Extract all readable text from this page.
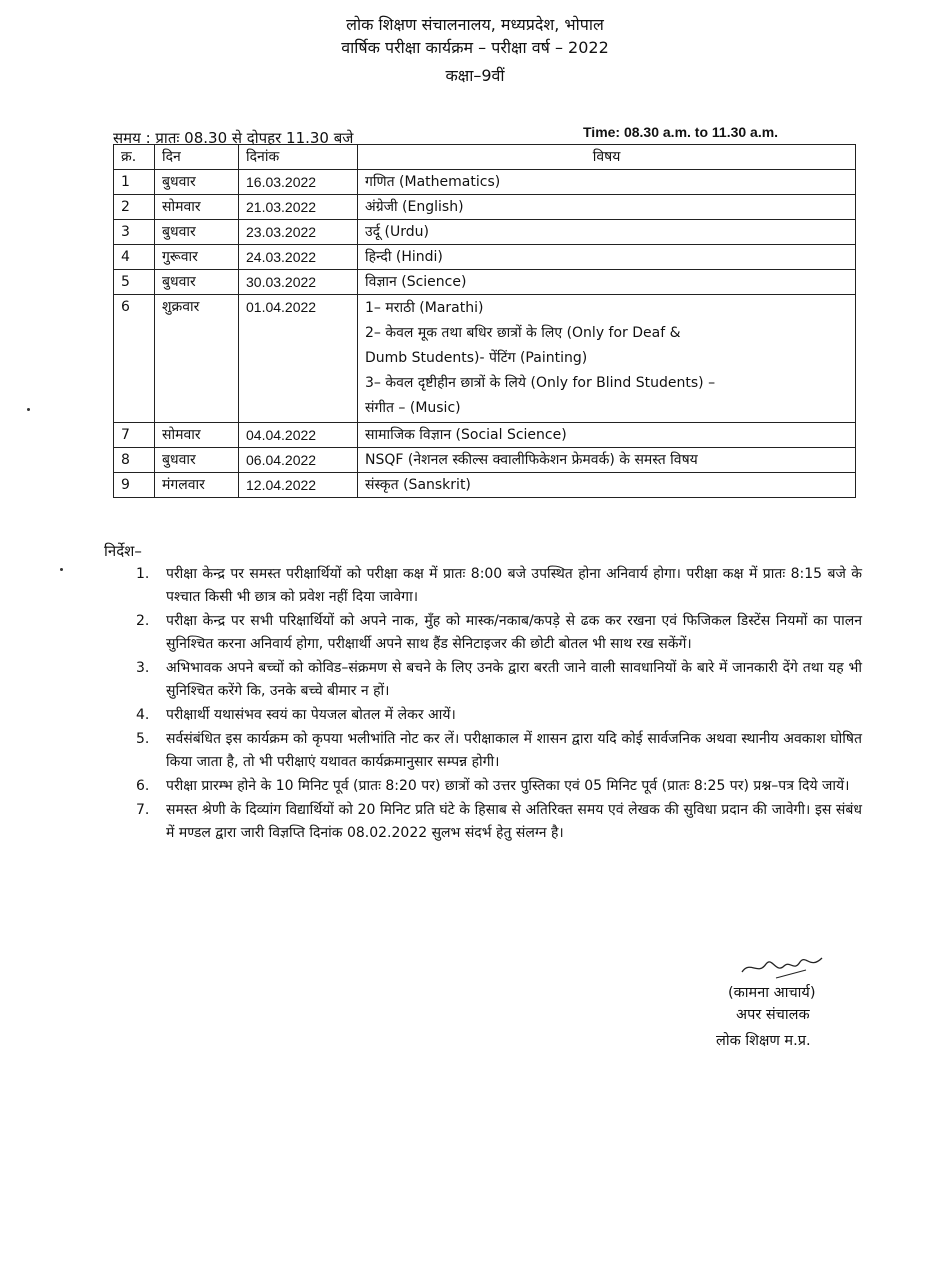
लोक शिक्षण संचालनालय, मध्यप्रदेश, भोपाल
वार्षिक परीक्षा कार्यक्रम – परीक्षा वर्ष – 2022
कक्षा–9वीं
समय : प्रातः 08.30 से दोपहर 11.30 बजे	Time: 08.30 a.m. to 11.30 a.m.
क्र.	दिन	दिनांक	विषय
1	बुधवार	16.03.2022	गणित (Mathematics)

2	सोमवार	21.03.2022	अंग्रेजी (English)

3	बुधवार	23.03.2022	उर्दू (Urdu)

4	गुरूवार	24.03.2022	हिन्दी (Hindi)

5	बुधवार	30.03.2022	विज्ञान (Science)

6	शुक्रवार	01.04.2022	1– मराठी (Marathi)
2– केवल मूक तथा बधिर छात्रों के लिए (Only for Deaf &
Dumb Students)- पेंटिंग (Painting)
3– केवल दृष्टीहीन छात्रों के लिये (Only for Blind Students) –
संगीत – (Music)

7	सोमवार	04.04.2022	सामाजिक विज्ञान (Social Science)

8	बुधवार	06.04.2022	NSQF (नेशनल स्कील्स क्वालीफिकेशन फ्रेमवर्क) के समस्त विषय

9	मंगलवार	12.04.2022	संस्कृत (Sanskrit)
निर्देश–
1. परीक्षा केन्द्र पर समस्त परीक्षार्थियों को परीक्षा कक्ष में प्रातः 8:00 बजे उपस्थित होना अनिवार्य होगा। परीक्षा कक्ष में प्रातः 8:15 बजे के पश्चात किसी भी छात्र को प्रवेश नहीं दिया जावेगा।
2. परीक्षा केन्द्र पर सभी परिक्षार्थियों को अपने नाक, मुँह को मास्क/नकाब/कपड़े से ढक कर रखना एवं फिजिकल डिस्टेंस नियमों का पालन सुनिश्चित करना अनिवार्य होगा, परीक्षार्थी अपने साथ हैंड सेनिटाइजर की छोटी बोतल भी साथ रख सकेंगें।
3. अभिभावक अपने बच्चों को कोविड–संक्रमण से बचने के लिए उनके द्वारा बरती जाने वाली सावधानियों के बारे में जानकारी देंगे तथा यह भी सुनिश्चित करेंगे कि, उनके बच्चे बीमार न हों।
4. परीक्षार्थी यथासंभव स्वयं का पेयजल बोतल में लेकर आयें।
5. सर्वसंबंधित इस कार्यक्रम को कृपया भलीभांति नोट कर लें। परीक्षाकाल में शासन द्वारा यदि कोई सार्वजनिक अथवा स्थानीय अवकाश घोषित किया जाता है, तो भी परीक्षाएं यथावत कार्यक्रमानुसार सम्पन्न होगी।
6. परीक्षा प्रारम्भ होने के 10 मिनिट पूर्व (प्रातः 8:20 पर) छात्रों को उत्तर पुस्तिका एवं 05 मिनिट पूर्व (प्रातः 8:25 पर) प्रश्न–पत्र दिये जायें।
7. समस्त श्रेणी के दिव्यांग विद्यार्थियों को 20 मिनिट प्रति घंटे के हिसाब से अतिरिक्त समय एवं लेखक की सुविधा प्रदान की जावेगी। इस संबंध में मण्डल द्वारा जारी विज्ञप्ति दिनांक 08.02.2022 सुलभ संदर्भ हेतु संलग्न है।
(कामना आचार्य)
अपर संचालक
लोक शिक्षण म.प्र.
